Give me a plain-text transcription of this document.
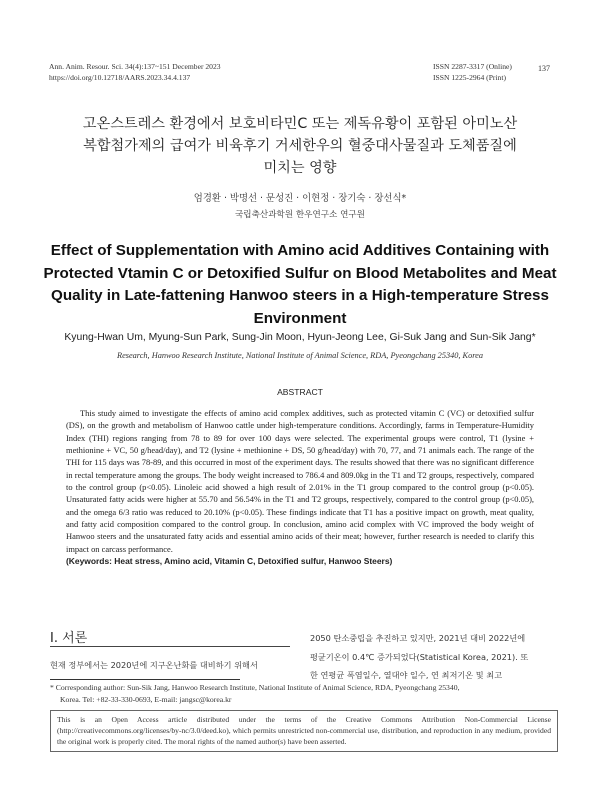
Ann. Anim. Resour. Sci. 34(4):137~151 December 2023
https://doi.org/10.12718/AARS.2023.34.4.137
ISSN 2287-3317 (Online)
ISSN 1225-2964 (Print)
137
고온스트레스 환경에서 보호비타민C 또는 제독유황이 포함된 아미노산
복합첨가제의 급여가 비육후기 거세한우의 혈중대사물질과 도체품질에
미치는 영향
엄경환 · 박명선 · 문성진 · 이현정 · 장기숙 · 장선식*
국립축산과학원 한우연구소 연구원
Effect of Supplementation with Amino acid Additives Containing with
Protected Vtamin C or Detoxified Sulfur on Blood Metabolites and Meat
Quality in Late-fattening Hanwoo steers in a High-temperature Stress
Environment
Kyung-Hwan Um, Myung-Sun Park, Sung-Jin Moon, Hyun-Jeong Lee, Gi-Suk Jang and Sun-Sik Jang*
Research, Hanwoo Research Institute, National Institute of Animal Science, RDA, Pyeongchang 25340, Korea
ABSTRACT
This study aimed to investigate the effects of amino acid complex additives, such as protected vitamin C (VC) or detoxified sulfur (DS), on the growth and metabolism of Hanwoo cattle under high-temperature conditions. Accordingly, farms in Temperature-Humidity Index (THI) regions ranging from 78 to 89 for over 100 days were selected. The experimental groups were control, T1 (lysine + methionine + VC, 50 g/head/day), and T2 (lysine + methionine + DS, 50 g/head/day) with 70, 77, and 71 animals each. The range of the THI for 115 days was 78-89, and this occurred in most of the experiment days. The results showed that there was no significant difference in rectal temperature among the groups. The body weight increased to 786.4 and 809.0kg in the T1 and T2 groups, respectively, compared to the control group (p<0.05). Linoleic acid showed a high result of 2.01% in the T1 group compared to the control group (p<0.05). Unsaturated fatty acids were higher at 55.70 and 56.54% in the T1 and T2 groups, respectively, compared to the control group (p<0.05), and the omega 6/3 ratio was reduced to 20.10% (p<0.05). These findings indicate that T1 has a positive impact on growth, meat quality, and fatty acid composition compared to the control group. In conclusion, amino acid complex with VC improved the body weight of Hanwoo steers and the unsaturated fatty acids and essential amino acids of their meat; however, further research is needed to clarify this impact on carcass performance.
(Keywords: Heat stress, Amino acid, Vitamin C, Detoxified sulfur, Hanwoo Steers)
Ⅰ. 서론
현재 정부에서는 2020년에 지구온난화를 대비하기 위해서
2050 탄소중립을 추진하고 있지만, 2021년 대비 2022년에
평균기온이 0.4℃ 증가되었다(Statistical Korea, 2021). 또
한 연평균 폭염일수, 열대야 일수, 연 최저기온 및 최고
* Corresponding author: Sun-Sik Jang, Hanwoo Research Institute, National Institute of Animal Science, RDA, Pyeongchang 25340,
Korea. Tel: +82-33-330-0693, E-mail: jangsc@korea.kr
This is an Open Access article distributed under the terms of the Creative Commons Attribution Non-Commercial License (http://creativecommons.org/licenses/by-nc/3.0/deed.ko), which permits unrestricted non-commercial use, distribution, and reproduction in any medium, provided the original work is properly cited. The moral rights of the named author(s) have been asserted.
